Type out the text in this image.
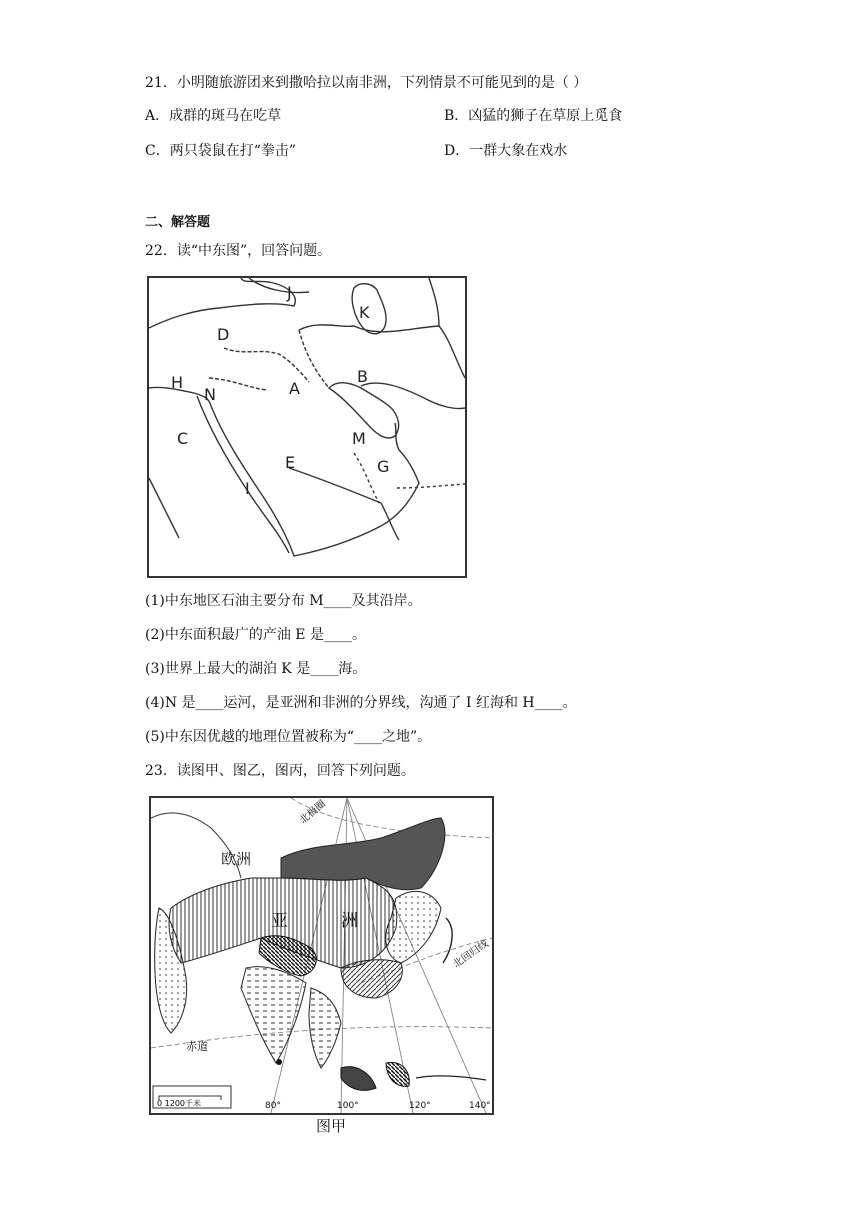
21．小明随旅游团来到撒哈拉以南非洲，下列情景不可能见到的是（ ）
A．成群的斑马在吃草	B．凶猛的狮子在草原上觅食
C．两只袋鼠在打“拳击”	D．一群大象在戏水
二、解答题
22．读“中东图”，回答问题。
J
K
D
B
H
N	A
C	M
E	G
I
(1)中东地区石油主要分布 M____及其沿岸。
(2)中东面积最广的产油 E 是____。
(3)世界上最大的湖泊 K 是____海。
(4)N 是____运河，是亚洲和非洲的分界线，沟通了 I 红海和 H____。
(5)中东因优越的地理位置被称为“____之地”。
23．读图甲、图乙，图丙，回答下列问题。
欧洲
亚	洲
北极圈
北回归线
赤道
80°	100°	120°	140°
0 1200千米
图甲
